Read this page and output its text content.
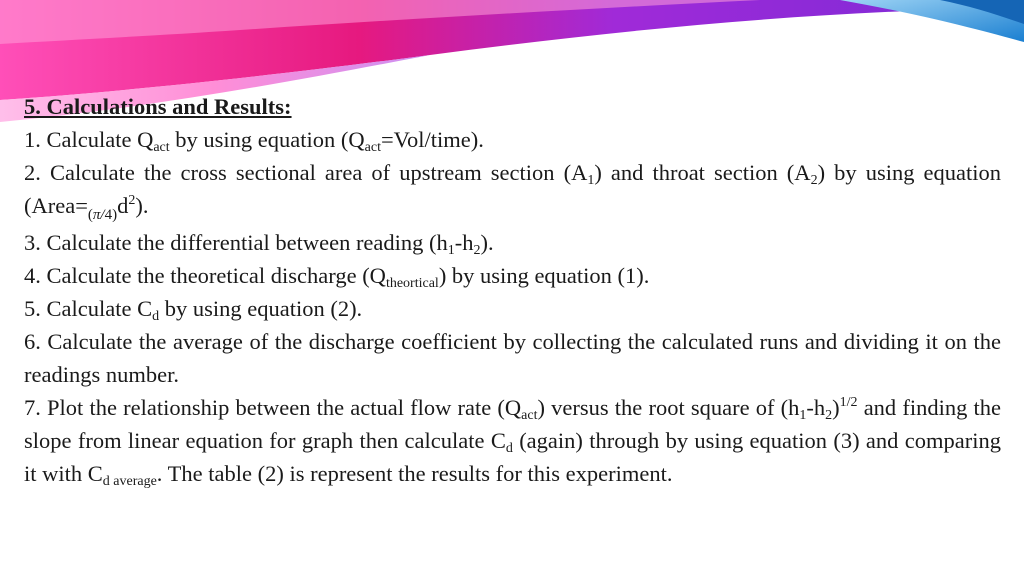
5. Calculations and Results:

1. Calculate $Q_{act}$ by using equation $(Q_{act}=Vol/time)$.

2. Calculate the cross sectional area of upstream section $(A_1)$ and throat section $(A_2)$ by using equation $(Area=_{(\pi/4)}d^2)$.

3. Calculate the differential between reading $(h_1-h_2)$.

4. Calculate the theoretical discharge $(Q_{theortical})$ by using equation (1).

5. Calculate $C_d$ by using equation (2).

6. Calculate the average of the discharge coefficient by collecting the calculated runs and dividing it on the readings number.

7. Plot the relationship between the actual flow rate $(Q_{act})$ versus the root square of $(h_1-h_2)^{1/2}$ and finding the slope from linear equation for graph then calculate $C_d$ (again) through by using equation (3) and comparing it with $C_{d average}$. The table (2) is represent the results for this experiment.
